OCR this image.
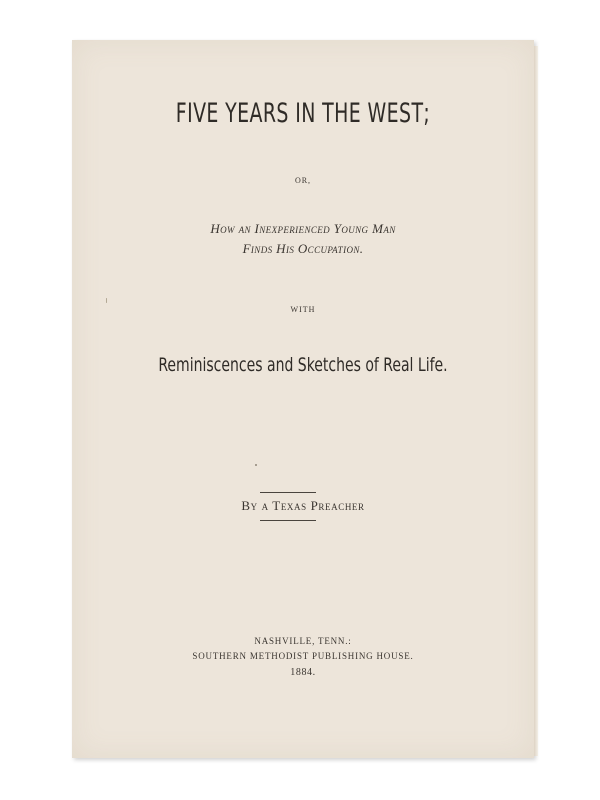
FIVE YEARS IN THE WEST;
OR,
How an Inexperienced Young Man
Finds His Occupation.
WITH
Reminiscences and Sketches of Real Life.
By a Texas Preacher
NASHVILLE, TENN.:
SOUTHERN METHODIST PUBLISHING HOUSE.
1884.
